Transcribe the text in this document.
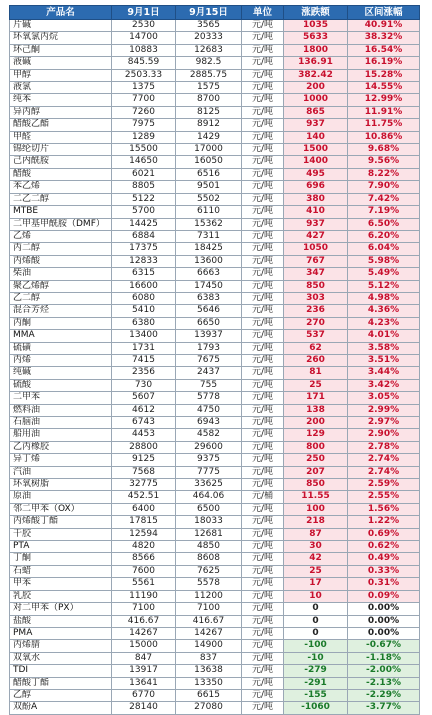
产品名	9月1日	9月15日	单位	涨跌额	区间涨幅
片碱	2530	3565	元/吨	1035	40.91%
环氧氯丙烷	14700	20333	元/吨	5633	38.32%
环己酮	10883	12683	元/吨	1800	16.54%
液碱	845.59	982.5	元/吨	136.91	16.19%
甲醇	2503.33	2885.75	元/吨	382.42	15.28%
液氯	1375	1575	元/吨	200	14.55%
纯苯	7700	8700	元/吨	1000	12.99%
异丙醇	7260	8125	元/吨	865	11.91%
醋酸乙酯	7975	8912	元/吨	937	11.75%
甲醛	1289	1429	元/吨	140	10.86%
锦纶切片	15500	17000	元/吨	1500	9.68%
己内酰胺	14650	16050	元/吨	1400	9.56%
醋酸	6021	6516	元/吨	495	8.22%
苯乙烯	8805	9501	元/吨	696	7.90%
二乙二醇	5122	5502	元/吨	380	7.42%
MTBE	5700	6110	元/吨	410	7.19%
二甲基甲酰胺（DMF）	14425	15362	元/吨	937	6.50%
乙烯	6884	7311	元/吨	427	6.20%
丙二醇	17375	18425	元/吨	1050	6.04%
丙烯酸	12833	13600	元/吨	767	5.98%
柴油	6315	6663	元/吨	347	5.49%
聚乙烯醇	16600	17450	元/吨	850	5.12%
乙二醇	6080	6383	元/吨	303	4.98%
混合芳烃	5410	5646	元/吨	236	4.36%
丙酮	6380	6650	元/吨	270	4.23%
MMA	13400	13937	元/吨	537	4.01%
硫磺	1731	1793	元/吨	62	3.58%
丙烯	7415	7675	元/吨	260	3.51%
纯碱	2356	2437	元/吨	81	3.44%
硫酸	730	755	元/吨	25	3.42%
二甲苯	5607	5778	元/吨	171	3.05%
燃料油	4612	4750	元/吨	138	2.99%
石脑油	6743	6943	元/吨	200	2.97%
船用油	4453	4582	元/吨	129	2.90%
乙丙橡胶	28800	29600	元/吨	800	2.78%
异丁烯	9125	9375	元/吨	250	2.74%
汽油	7568	7775	元/吨	207	2.74%
环氧树脂	32775	33625	元/吨	850	2.59%
原油	452.51	464.06	元/桶	11.55	2.55%
邻二甲苯（OX）	6400	6500	元/吨	100	1.56%
丙烯酸丁酯	17815	18033	元/吨	218	1.22%
干胶	12594	12681	元/吨	87	0.69%
PTA	4820	4850	元/吨	30	0.62%
丁酮	8566	8608	元/吨	42	0.49%
石蜡	7600	7625	元/吨	25	0.33%
甲苯	5561	5578	元/吨	17	0.31%
乳胶	11190	11200	元/吨	10	0.09%
对二甲苯（PX）	7100	7100	元/吨	0	0.00%
盐酸	416.67	416.67	元/吨	0	0.00%
PMA	14267	14267	元/吨	0	0.00%
丙烯腈	15000	14900	元/吨	-100	-0.67%
双氧水	847	837	元/吨	-10	-1.18%
TDI	13917	13638	元/吨	-279	-2.00%
醋酸丁酯	13641	13350	元/吨	-291	-2.13%
乙醇	6770	6615	元/吨	-155	-2.29%
双酚A	28140	27080	元/吨	-1060	-3.77%
